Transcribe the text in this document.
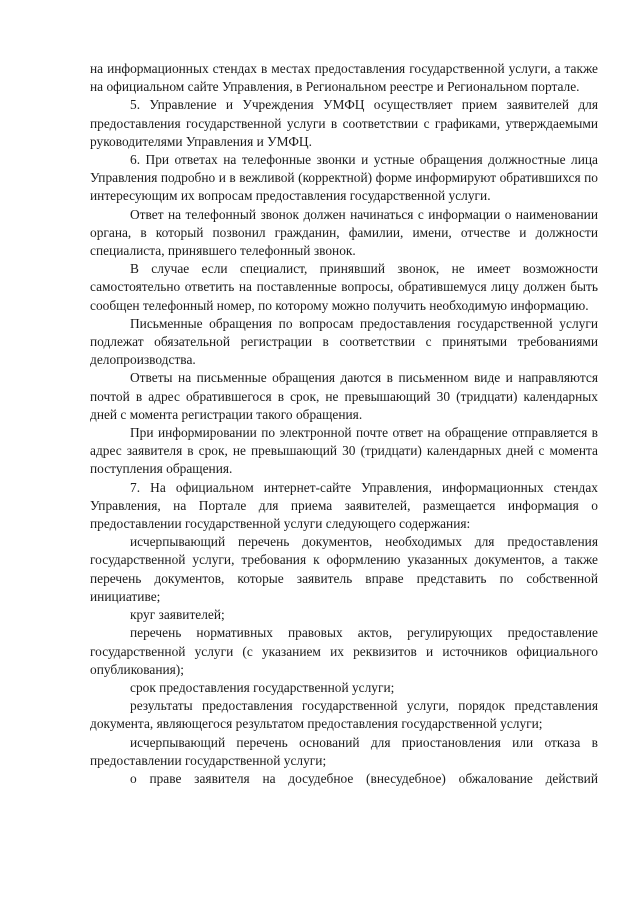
на информационных стендах в местах предоставления государственной услуги, а также на официальном сайте Управления, в Региональном реестре и Региональном портале.

5. Управление и Учреждения УМФЦ осуществляет прием заявителей для предоставления государственной услуги в соответствии с графиками, утверждаемыми руководителями Управления и УМФЦ.

6. При ответах на телефонные звонки и устные обращения должностные лица Управления подробно и в вежливой (корректной) форме информируют обратившихся по интересующим их вопросам предоставления государственной услуги.

Ответ на телефонный звонок должен начинаться с информации о наименовании органа, в который позвонил гражданин, фамилии, имени, отчестве и должности специалиста, принявшего телефонный звонок.

В случае если специалист, принявший звонок, не имеет возможности самостоятельно ответить на поставленные вопросы, обратившемуся лицу должен быть сообщен телефонный номер, по которому можно получить необходимую информацию.

Письменные обращения по вопросам предоставления государственной услуги подлежат обязательной регистрации в соответствии с принятыми требованиями делопроизводства.

Ответы на письменные обращения даются в письменном виде и направляются почтой в адрес обратившегося в срок, не превышающий 30 (тридцати) календарных дней с момента регистрации такого обращения.

При информировании по электронной почте ответ на обращение отправляется в адрес заявителя в срок, не превышающий 30 (тридцати) календарных дней с момента поступления обращения.

7. На официальном интернет-сайте Управления, информационных стендах Управления, на Портале для приема заявителей, размещается информация о предоставлении государственной услуги следующего содержания:

исчерпывающий перечень документов, необходимых для предоставления государственной услуги, требования к оформлению указанных документов, а также перечень документов, которые заявитель вправе представить по собственной инициативе;

круг заявителей;

перечень нормативных правовых актов, регулирующих предоставление государственной услуги (с указанием их реквизитов и источников официального опубликования);

срок предоставления государственной услуги;

результаты предоставления государственной услуги, порядок представления документа, являющегося результатом предоставления государственной услуги;

исчерпывающий перечень оснований для приостановления или отказа в предоставлении государственной услуги;

о праве заявителя на досудебное (внесудебное) обжалование действий
